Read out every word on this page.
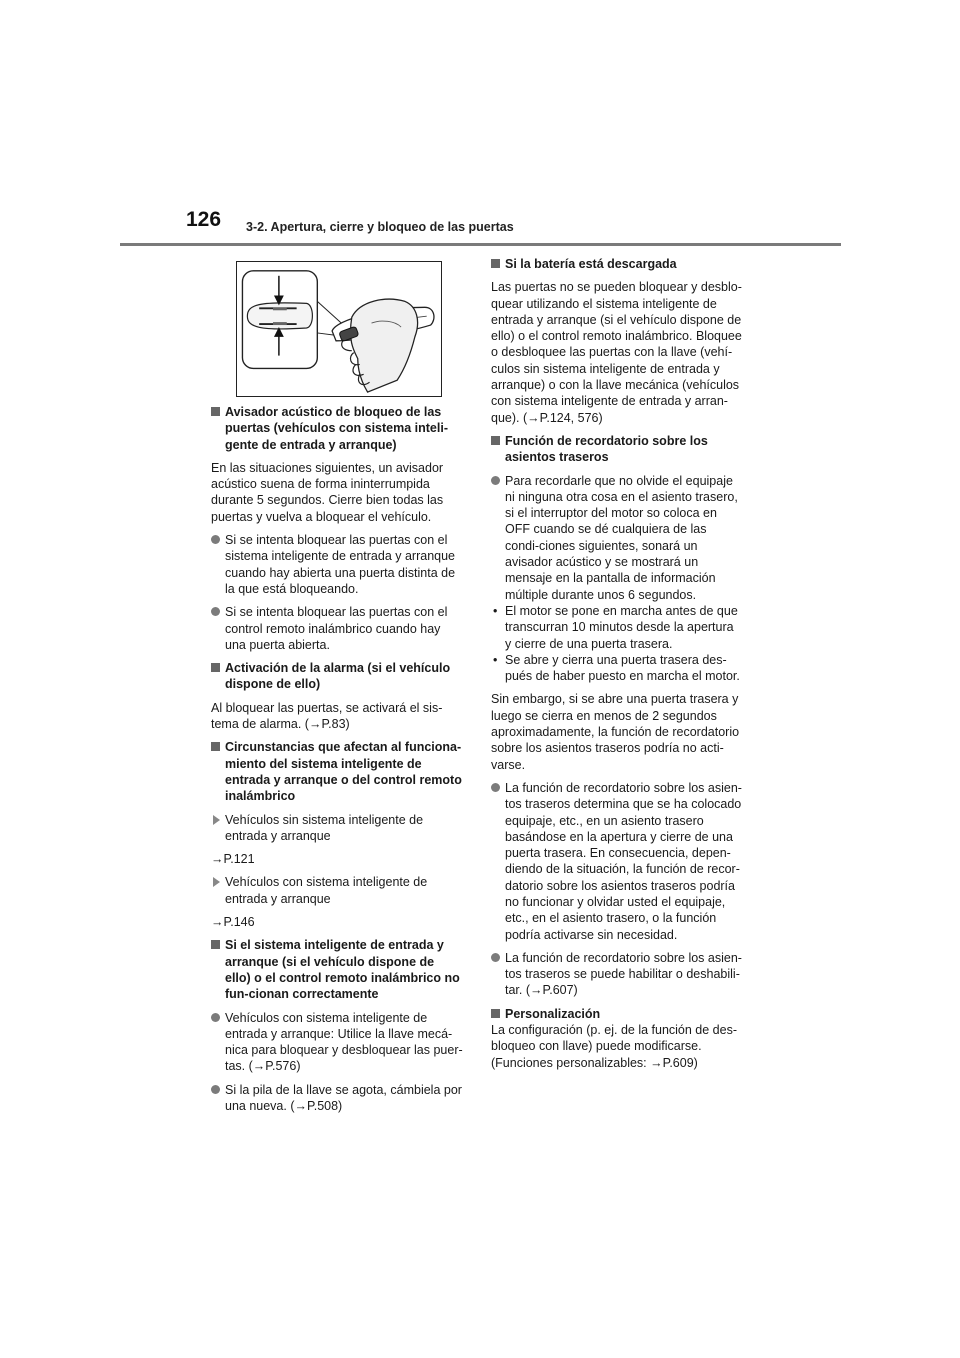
126 3-2. Apertura, cierre y bloqueo de las puertas
Avisador acústico de bloqueo de las puertas (vehículos con sistema inteli-gente de entrada y arranque)
En las situaciones siguientes, un avisador acústico suena de forma ininterrumpida durante 5 segundos. Cierre bien todas las puertas y vuelva a bloquear el vehículo.
Si se intenta bloquear las puertas con el sistema inteligente de entrada y arranque cuando hay abierta una puerta distinta de la que está bloqueando.
Si se intenta bloquear las puertas con el control remoto inalámbrico cuando hay una puerta abierta.
Activación de la alarma (si el vehículo dispone de ello)
Al bloquear las puertas, se activará el sis-tema de alarma. (→P.83)
Circunstancias que afectan al funciona-miento del sistema inteligente de entrada y arranque o del control remoto inalámbrico
Vehículos sin sistema inteligente de entrada y arranque
→P.121
Vehículos con sistema inteligente de entrada y arranque
→P.146
Si el sistema inteligente de entrada y arranque (si el vehículo dispone de ello) o el control remoto inalámbrico no fun-cionan correctamente
Vehículos con sistema inteligente de entrada y arranque: Utilice la llave mecá-nica para bloquear y desbloquear las puer-tas. (→P.576)
Si la pila de la llave se agota, cámbiela por una nueva. (→P.508)
Si la batería está descargada
Las puertas no se pueden bloquear y desblo-quear utilizando el sistema inteligente de entrada y arranque (si el vehículo dispone de ello) o el control remoto inalámbrico. Bloquee o desbloquee las puertas con la llave (vehí-culos sin sistema inteligente de entrada y arranque) o con la llave mecánica (vehículos con sistema inteligente de entrada y arran-que). (→P.124, 576)
Función de recordatorio sobre los asientos traseros
Para recordarle que no olvide el equipaje ni ninguna otra cosa en el asiento trasero, si el interruptor del motor so coloca en OFF cuando se dé cualquiera de las condi-ciones siguientes, sonará un avisador acústico y se mostrará un mensaje en la pantalla de información múltiple durante unos 6 segundos.
• El motor se pone en marcha antes de que transcurran 10 minutos desde la apertura y cierre de una puerta trasera.
• Se abre y cierra una puerta trasera des-pués de haber puesto en marcha el motor.
Sin embargo, si se abre una puerta trasera y luego se cierra en menos de 2 segundos aproximadamente, la función de recordatorio sobre los asientos traseros podría no acti-varse.
La función de recordatorio sobre los asien-tos traseros determina que se ha colocado equipaje, etc., en un asiento trasero basándose en la apertura y cierre de una puerta trasera. En consecuencia, depen-diendo de la situación, la función de recor-datorio sobre los asientos traseros podría no funcionar y olvidar usted el equipaje, etc., en el asiento trasero, o la función podría activarse sin necesidad.
La función de recordatorio sobre los asien-tos traseros se puede habilitar o deshabili-tar. (→P.607)
Personalización
La configuración (p. ej. de la función de des-bloqueo con llave) puede modificarse. (Funciones personalizables: →P.609)
